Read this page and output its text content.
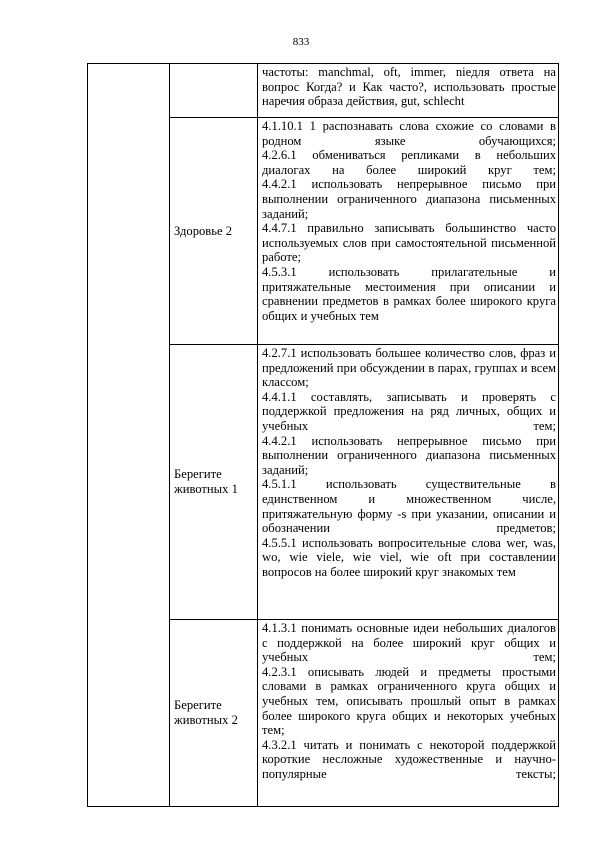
833
		частоты: manchmal, oft, immer, nieдля ответа на вопрос Когда? и Как часто?, использовать простые наречия образа действия, gut, schlecht
	Здоровье 2	4.1.10.1 1 распознавать слова схожие со словами в родном языке обучающихся;
4.2.6.1 обмениваться репликами в небольших диалогах на более широкий круг тем;
4.4.2.1 использовать непрерывное письмо при выполнении ограниченного диапазона письменных заданий;
4.4.7.1 правильно записывать большинство часто используемых слов при самостоятельной письменной работе;
4.5.3.1 использовать прилагательные и притяжательные местоимения при описании и сравнении предметов в рамках более широкого круга общих и учебных тем

	Берегите животных 1	4.2.7.1 использовать большее количество слов, фраз и предложений при обсуждении в парах, группах и всем классом;
4.4.1.1 составлять, записывать и проверять с поддержкой предложения на ряд личных, общих и учебных тем;
4.4.2.1 использовать непрерывное письмо при выполнении ограниченного диапазона письменных заданий;
4.5.1.1 использовать существительные в единственном и множественном числе, притяжательную форму -s при указании, описании и обозначении предметов;
4.5.5.1 использовать вопросительные слова wer, was, wo, wie viele, wie viel, wie oft при составлении вопросов на более широкий круг знакомых тем

	Берегите животных 2	4.1.3.1 понимать основные идеи небольших диалогов с поддержкой на более широкий круг общих и учебных тем;
4.2.3.1 описывать людей и предметы простыми словами в рамках ограниченного круга общих и учебных тем, описывать прошлый опыт в рамках более широкого круга общих и некоторых учебных тем;
4.3.2.1 читать и понимать с некоторой поддержкой короткие несложные художественные и научно-популярные тексты;
